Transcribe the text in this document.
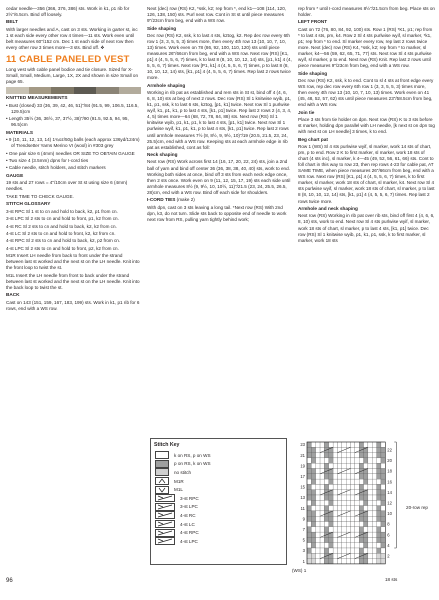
cedar needle—356 (366, 376, 386) sts. Work in k1, p1 rib for 2½"/6.5cm. Bind off loosely.

BELT

With larger needles and A, cast on 3 sts. Working in garter st, inc 1 st each side every other row 4 times—11 sts. Work even until belt measures 60"/152 cm. Dec 1 st each side of next row then every other row 3 times more—3 sts. Bind off. ❖

11 CABLE PANELED VEST

Long vest with cable panel bodice and tie closure. Sized for X-Small, Small, Medium, Large, 1X, 2X and shown in size Small on page 65.

KNITTED MEASUREMENTS

• Bust (closed) 33 (36, 39, 42, 46, 51)"/84 (91.5, 99, 106.5, 116.5, 129.5)cm

• Length 35½ (36, 36½, 37, 37½, 38)"/90 (91.5, 92.5, 94, 95, 96.5)cm

MATERIALS

• 9 (10, 11, 12, 13, 14) 1¾oz/50g balls (each approx 136yd/124m) of Trendsetter Yarns Merino VI (wool) in #303 grey

• One pair size 6 (4mm) needles OR SIZE TO OBTAIN GAUGE

• Two size 4 (3.5mm) dpns for I-cord ties

• Cable needle, stitch holders, and stitch markers

GAUGE

19 sts and 27 rows = 4"/10cm over St st using size 6 (4mm) needles.

TAKE TIME TO CHECK GAUGE.

STITCH GLOSSARY

3-st RPC Sl 1 st to cn and hold to back, k2, p1 from cn.

3-st LPC Sl 2 sts to cn and hold to front, p1, k2 from cn.

4-st RC Sl 2 sts to cn and hold to back, k2, k2 from cn.

4-st LC Sl 2 sts to cn and hold to front, k2, k2 from cn.

4-st RPC Sl 2 sts to cn and hold to back, k2, p2 from cn.

4-st LPC Sl 2 sts to cn and hold to front, p2, k2 from cn.

M1R Insert LH needle from back to front under the strand between last st worked and the next st on the LH needle. Knit into the front loop to twist the st.

M1L Insert the LH needle from front to back under the strand between last st worked and the next st on the LH needle. Knit into the back loop to twist the st.

BACK

Cast on 143 (151, 159, 167, 183, 199) sts. Work in k1, p1 rib for 6 rows, end with a WS row.

Next (dec) row (RS) K2, *ssk, k2; rep from *, end k1—108 (114, 120, 126, 138, 150) sts. Purl next row. Cont in St st until piece measures 9"/23cm from beg, end with a WS row.

Side shaping

Dec row (RS) K2, ssk, k to last 4 sts, k2tog, k2. Rep dec row every 6th row 1 (3, 3, 5, 5, 3) times more, then every 4th row 13 (10, 10, 7, 10, 13) times. Work even on 78 (86, 92, 100, 110, 120) sts until piece measures 26"/66cm from beg, end with a WS row. Next row (RS) [K1, p1] 4 (4, 5, 5, 6, 7) times, k to last 8 (8, 10, 10, 12, 14) sts, [p1, k1] 4 (4, 5, 5, 6, 7) times. Next row [P1, k1] 4 (4, 5, 5, 6, 7) times, p to last 8 (8, 10, 10, 12, 14) sts, [k1, p1] 4 (4, 5, 5, 6, 7) times. Rep last 2 rows twice more.

Armhole shaping

Working in rib pat as established and rem sts in St st, bind off 4 (4, 6, 6, 8, 10) sts at beg of next 2 rows. Dec row (RS) Sl 1 knitwise wyib, p1, k1, p1, ssk, k to last 6 sts, k2tog, [p1, k1] twice. Next row Sl 1 purlwise wyif, k1, p1, k1, p to last 4 sts, [k1, p1] twice. Rep last 2 rows 2 (4, 3, 4, 4, 5) times more—64 (68, 72, 78, 84, 88) sts. Next row (RS) Sl 1 knitwise wyib, p1, k1, p1, k to last 4 sts, [p1, k1] twice. Next row Sl 1 purlwise wyif, k1, p1, k1, p to last 4 sts, [k1, p1] twice. Rep last 2 rows until armhole measures 7½ (8, 8½, 9, 9½, 10)"/19 (20.5, 21.5, 23, 24, 25.5)cm, end with a WS row. Keeping sts at each armhole edge in rib pat as established, cont as foll:

Neck shaping

Next row (RS) Work across first 14 (16, 17, 20, 22, 24) sts, join a 2nd ball of yarn and bind off center 36 (36, 38, 38, 40, 40) sts, work to end. Working both sides at once, bind off 3 sts from each neck edge once, then 2 sts once. Work even on 9 (11, 12, 15, 17, 19) sts each side until armhole measures 8½ (9, 9½, 10, 10½, 11)"/21.5 (23, 24, 25.5, 26.5, 28)cm, end with a WS row. Bind off each side for shoulders.

I-CORD TIES (make 2)

With dpn, cast on 3 sts leaving a long tail. *Next row (RS) With 2nd dpn, k3, do not turn. Slide sts back to opposite end of needle to work next row from RS, pulling yarn tightly behind work;

rep from * until I-cord measures 8½"/21.5cm from beg. Place sts on holder.

LEFT FRONT

Cast on 72 (76, 80, 84, 92, 100) sts. Row 1 (RS) *K1, p1; rep from * to last 4 sts, pm, k4. Row 2 Sl 4 sts purlwise wyif, sl marker, *k1, p1; rep from * to end. Sl marker every row, rep last 2 rows twice more. Next (dec) row (RS) K4, *ssk, k2; rep from * to marker, sl marker, k4—56 (59, 62, 65, 71, 77) sts. Next row Sl 4 sts purlwise wyif, sl marker, p to end. Next row (RS) Knit. Rep last 2 rows until piece measures 9"/23cm from beg, end with a WS row.

Side shaping

Dec row (RS) K2, ssk, k to end. Cont to sl 4 sts at front edge every WS row, rep dec row every 6th row 1 (3, 3, 5, 5, 3) times more, then every 4th row 13 (10, 10, 7, 10, 13) times. Work even on 41 (45, 48, 52, 57, 62) sts until piece measures 23"/58.5cm from beg, end with a WS row.

Join tie

Place 3 sts from tie holder on dpn. Next row (RS) K to 3 sts before st marker, holding dpn parallel with LH needle, [k next st on dpn tog with next st on LH needle] 3 times, k to end.

Beg chart pat

Row 1 (WS) Sl 4 sts purlwise wyif, sl marker, work 14 sts of chart, pm, p to end. Row 2 K to first marker, sl marker, work 18 sts of chart (4 sts inc), sl marker, k 4—45 (49, 52, 56, 61, 66) sts. Cont to foll chart in this way to row 23, then rep rows 4-23 for cable pat, AT SAME TIME, when piece measures 26"/66cm from beg, end with a WS row. Next row (RS) [K1, p1] 4 (4, 5, 5, 6, 7) times, k to first marker, sl marker, work 18 sts of chart, sl marker, k4. Next row Sl 4 sts purlwise wyif, sl marker, work 18 sts of chart, sl marker, p to last 8 (8, 10, 10, 12, 14) sts, [k1, p1] 4 (4, 5, 5, 6, 7) times. Rep last 2 rows twice more.

Armhole and neck shaping

Next row (RS) Working in rib pat over rib sts, bind off first 4 (4, 6, 6, 8, 10) sts, work to end. Next row Sl 4 sts purlwise wyif, sl marker, work 18 sts of chart, sl marker, p to last 4 sts, [k1, p1] twice. Dec row (RS) Sl 1 knitwise wyib, p1, k1, p1, ssk, k to first marker, sl marker, work 18 sts

Stitch Key
k on RS, p on WS
p on RS, k on WS
no stitch
M1R
M1L
3-st RPC
3-st LPC
4-st RC
4-st LC
4-st RPC
4-st LPC
23
21
19
17
15
13
11
9
7
5
3
1
22
20
18
16
14
12
10
8
6
4
2
20-row rep
(WS) 1
18 sts
96
